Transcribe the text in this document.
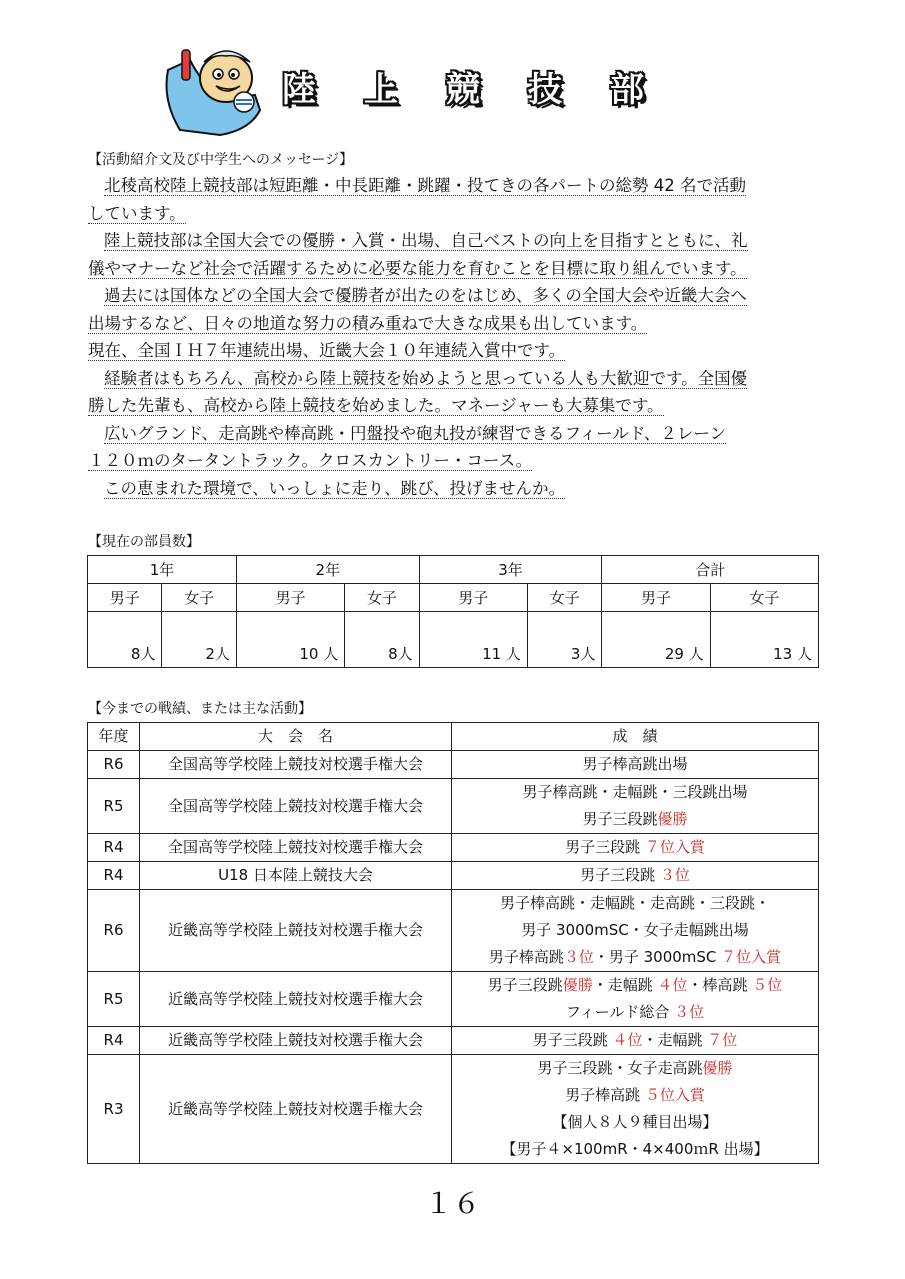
陸 上 競 技 部
【活動紹介文及び中学生へのメッセージ】

北稜高校陸上競技部は短距離・中長距離・跳躍・投てきの各パートの総勢 42 名で活動

しています。

陸上競技部は全国大会での優勝・入賞・出場、自己ベストの向上を目指すとともに、礼

儀やマナーなど社会で活躍するために必要な能力を育むことを目標に取り組んでいます。

過去には国体などの全国大会で優勝者が出たのをはじめ、多くの全国大会や近畿大会へ

出場するなど、日々の地道な努力の積み重ねで大きな成果も出しています。

現在、全国ＩＨ７年連続出場、近畿大会１０年連続入賞中です。

経験者はもちろん、高校から陸上競技を始めようと思っている人も大歓迎です。全国優

勝した先輩も、高校から陸上競技を始めました。マネージャーも大募集です。

広いグランド、走高跳や棒高跳・円盤投や砲丸投が練習できるフィールド、２レーン

１２０ｍのタータントラック。クロスカントリー・コース。

この恵まれた環境で、いっしょに走り、跳び、投げませんか。

【現在の部員数】
1年		2年		3年		合計	
男子	女子	男子	女子	男子	女子	男子	女子
8人	2人	10 人	8人	11 人	3人	29 人	13 人
【今までの戦績、または主な活動】
年度	大　会　名	成　績
R6	全国高等学校陸上競技対校選手権大会	男子棒高跳出場
R5	全国高等学校陸上競技対校選手権大会	男子棒高跳・走幅跳・三段跳出場
男子三段跳優勝

R4	全国高等学校陸上競技対校選手権大会	男子三段跳 ７位入賞
R4	U18 日本陸上競技大会	男子三段跳 ３位
R6	近畿高等学校陸上競技対校選手権大会	男子棒高跳・走幅跳・走高跳・三段跳・
男子 3000mSC・女子走幅跳出場
男子棒高跳３位・男子 3000mSC ７位入賞

R5	近畿高等学校陸上競技対校選手権大会	男子三段跳優勝・走幅跳 ４位・棒高跳 ５位
フィールド総合 ３位

R4	近畿高等学校陸上競技対校選手権大会	男子三段跳 ４位・走幅跳 ７位
R3	近畿高等学校陸上競技対校選手権大会	男子三段跳・女子走高跳優勝
男子棒高跳 ５位入賞
【個人８人９種目出場】
【男子４×100mR・4×400ｍR 出場】
１６
